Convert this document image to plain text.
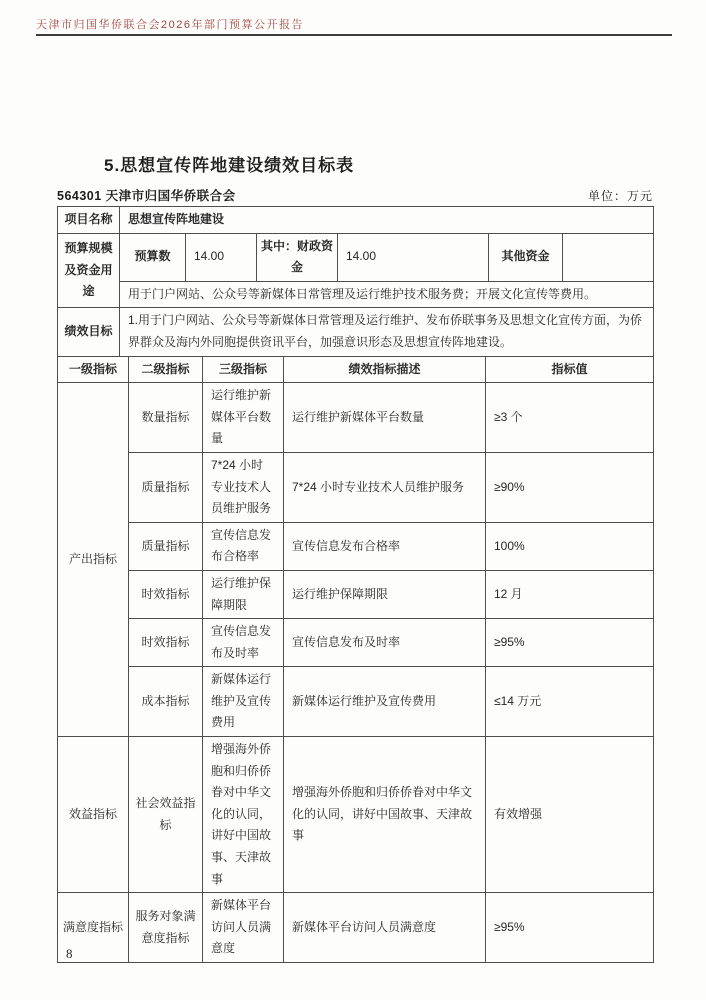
天津市归国华侨联合会2026年部门预算公开报告
5.思想宣传阵地建设绩效目标表
564301 天津市归国华侨联合会	单位：万元
项目名称	思想宣传阵地建设					
预算规模及资金用途	预算数	14.00	其中：财政资金	14.00	其他资金	
	用于门户网站、公众号等新媒体日常管理及运行维护技术服务费；开展文化宣传等费用。					
绩效目标	1.用于门户网站、公众号等新媒体日常管理及运行维护、发布侨联事务及思想文化宣传方面，为侨界群众及海内外同胞提供资讯平台，加强意识形态及思想宣传阵地建设。					
一级指标	二级指标	三级指标	绩效指标描述	指标值
产出指标	数量指标	运行维护新媒体平台数量	运行维护新媒体平台数量	≥3 个
	质量指标	7*24 小时专业技术人员维护服务	7*24 小时专业技术人员维护服务	≥90%
	质量指标	宣传信息发布合格率	宣传信息发布合格率	100%
	时效指标	运行维护保障期限	运行维护保障期限	12 月
	时效指标	宣传信息发布及时率	宣传信息发布及时率	≥95%
	成本指标	新媒体运行维护及宣传费用	新媒体运行维护及宣传费用	≤14 万元
效益指标	社会效益指标	增强海外侨胞和归侨侨眷对中华文化的认同，讲好中国故事、天津故事	增强海外侨胞和归侨侨眷对中华文化的认同，讲好中国故事、天津故事	有效增强
满意度指标	服务对象满意度指标	新媒体平台访问人员满意度	新媒体平台访问人员满意度	≥95%
8
